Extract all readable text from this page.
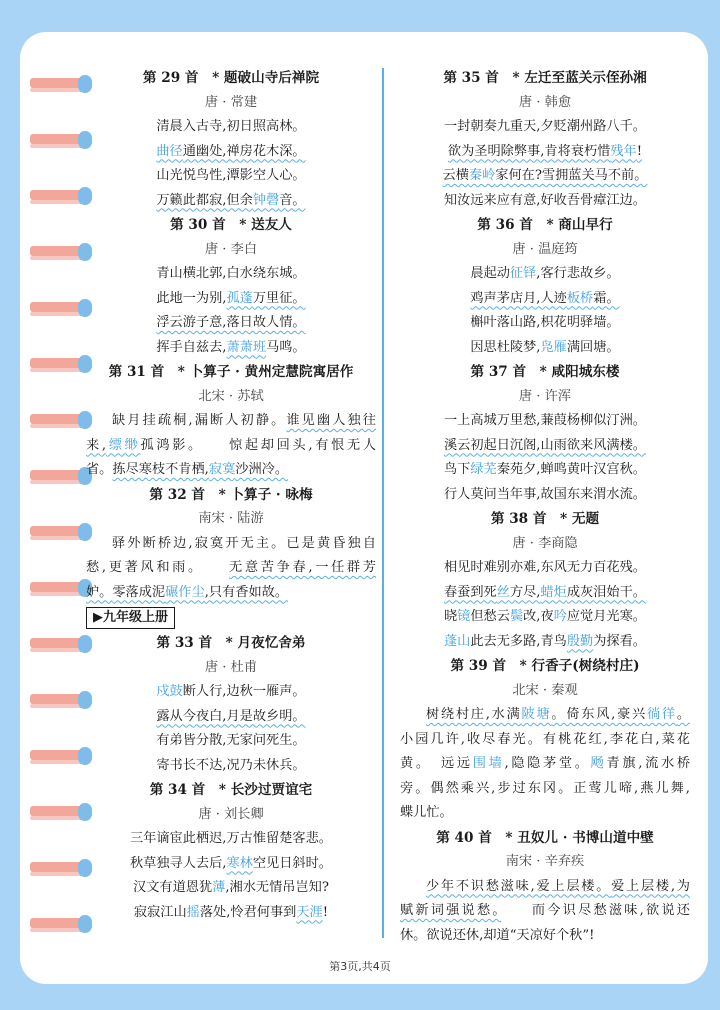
第 29 首　* 题破山寺后禅院
唐 · 常建
清晨入古寺,初日照高林。
曲径通幽处,禅房花木深。
山光悦鸟性,潭影空人心。
万籁此都寂,但余钟磬音。
第 30 首　* 送友人
唐 · 李白
青山横北郭,白水绕东城。
此地一为别,孤蓬万里征。
浮云游子意,落日故人情。
挥手自兹去,萧萧班马鸣。
第 31 首　* 卜算子 · 黄州定慧院寓居作
北宋 · 苏轼
缺月挂疏桐,漏断人初静。谁见幽人独往
来,缥缈孤鸿影。　　惊起却回头,有恨无人
省。拣尽寒枝不肯栖,寂寞沙洲冷。
第 32 首　* 卜算子 · 咏梅
南宋 · 陆游
驿外断桥边,寂寞开无主。已是黄昏独自
愁,更著风和雨。　　无意苦争春,一任群芳
妒。零落成泥碾作尘,只有香如故。
▶九年级上册
第 33 首　* 月夜忆舍弟
唐 · 杜甫
戍鼓断人行,边秋一雁声。
露从今夜白,月是故乡明。
有弟皆分散,无家问死生。
寄书长不达,况乃未休兵。
第 34 首　* 长沙过贾谊宅
唐 · 刘长卿
三年谪宦此栖迟,万古惟留楚客悲。
秋草独寻人去后,寒林空见日斜时。
汉文有道恩犹薄,湘水无情吊岂知?
寂寂江山摇落处,怜君何事到天涯!
第 35 首　* 左迁至蓝关示侄孙湘
唐 · 韩愈
一封朝奏九重天,夕贬潮州路八千。
欲为圣明除弊事,肯将衰朽惜残年!
云横秦岭家何在?雪拥蓝关马不前。
知汝远来应有意,好收吾骨瘴江边。
第 36 首　* 商山早行
唐 · 温庭筠
晨起动征铎,客行悲故乡。
鸡声茅店月,人迹板桥霜。
槲叶落山路,枳花明驿墙。
因思杜陵梦,凫雁满回塘。
第 37 首　* 咸阳城东楼
唐 · 许浑
一上高城万里愁,蒹葭杨柳似汀洲。
溪云初起日沉阁,山雨欲来风满楼。
鸟下绿芜秦苑夕,蝉鸣黄叶汉宫秋。
行人莫问当年事,故国东来渭水流。
第 38 首　* 无题
唐 · 李商隐
相见时难别亦难,东风无力百花残。
春蚕到死丝方尽,蜡炬成灰泪始干。
晓镜但愁云鬓改,夜吟应觉月光寒。
蓬山此去无多路,青鸟殷勤为探看。
第 39 首　* 行香子(树绕村庄)
北宋 · 秦观
树绕村庄,水满陂塘。倚东风,豪兴徜徉。
小园几许,收尽春光。有桃花红,李花白,菜花
黄。　远远围墙,隐隐茅堂。飏青旗,流水桥
旁。偶然乘兴,步过东冈。正莺儿啼,燕儿舞,
蝶儿忙。
第 40 首　* 丑奴儿 · 书博山道中壁
南宋 · 辛弃疾
少年不识愁滋味,爱上层楼。爱上层楼,为
赋新词强说愁。　　而今识尽愁滋味,欲说还
休。欲说还休,却道“天凉好个秋”!
第3页,共4页
